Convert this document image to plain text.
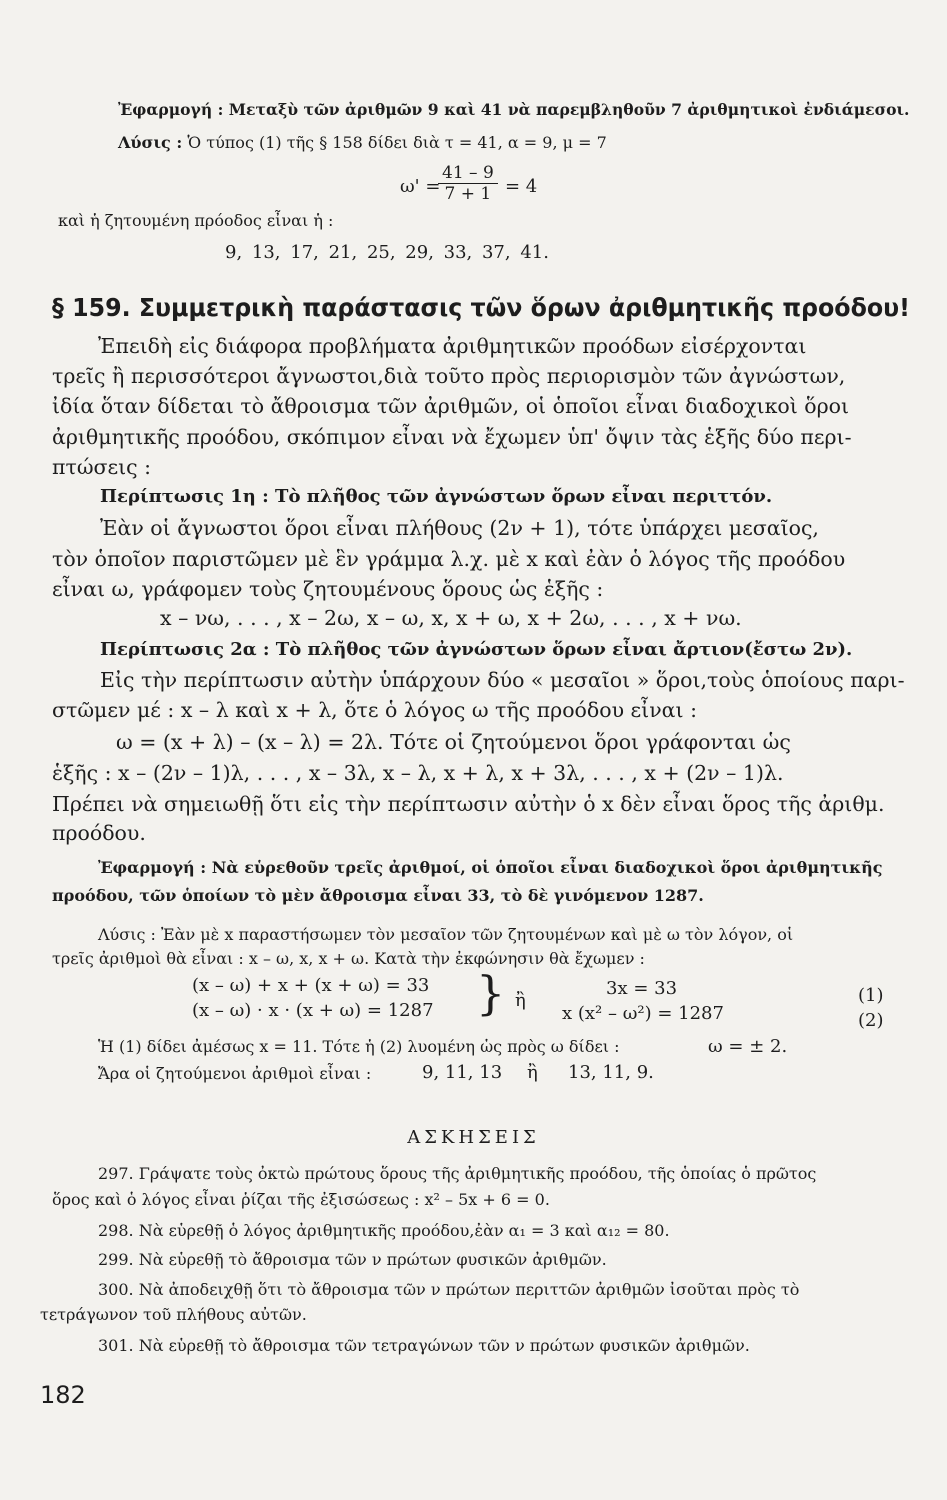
Ἐφαρμογή : Μεταξὺ τῶν ἀριθμῶν 9 καὶ 41 νὰ παρεμβληθοῦν 7 ἀριθμητικοὶ ἐνδιάμεσοι.
Λύσις : Ὁ τύπος (1) τῆς § 158 δίδει διὰ τ = 41, α = 9, μ = 7
ω' =
$\frac{41 - 9}{7 + 1} = 4$
καὶ ἡ ζητουμένη πρόοδος εἶναι ἡ :
9, 13, 17, 21, 25, 29, 33, 37, 41.
§ 159. Συμμετρικὴ παράστασις τῶν ὅρων ἀριθμητικῆς προόδου!
Ἐπειδὴ εἰς διάφορα προβλήματα ἀριθμητικῶν προόδων εἰσέρχονται
τρεῖς ἢ περισσότεροι ἄγνωστοι,διὰ τοῦτο πρὸς περιορισμὸν τῶν ἀγνώστων,
ἰδία ὅταν δίδεται τὸ ἄθροισμα τῶν ἀριθμῶν, οἱ ὁποῖοι εἶναι διαδοχικοὶ ὅροι
ἀριθμητικῆς προόδου, σκόπιμον εἶναι νὰ ἔχωμεν ὑπ' ὄψιν τὰς ἑξῆς δύο περι-
πτώσεις :
Περίπτωσις 1η : Τὸ πλῆθος τῶν ἀγνώστων ὅρων εἶναι περιττόν.
Ἐὰν οἱ ἄγνωστοι ὅροι εἶναι πλήθους (2ν + 1), τότε ὑπάρχει μεσαῖος,
τὸν ὁποῖον παριστῶμεν μὲ ἓν γράμμα λ.χ. μὲ x καὶ ἐὰν ὁ λόγος τῆς προόδου
εἶναι ω, γράφομεν τοὺς ζητουμένους ὅρους ὡς ἑξῆς :
x – νω, . . . , x – 2ω, x – ω, x, x + ω, x + 2ω, . . . , x + νω.
Περίπτωσις 2α : Τὸ πλῆθος τῶν ἀγνώστων ὅρων εἶναι ἄρτιον(ἔστω 2ν).
Εἰς τὴν περίπτωσιν αὐτὴν ὑπάρχουν δύο « μεσαῖοι » ὅροι,τοὺς ὁποίους παρι-
στῶμεν μέ : x – λ καὶ x + λ, ὅτε ὁ λόγος ω τῆς προόδου εἶναι :
ω = (x + λ) – (x – λ) = 2λ. Τότε οἱ ζητούμενοι ὅροι γράφονται ὡς
ἑξῆς : x – (2ν – 1)λ, . . . , x – 3λ, x – λ, x + λ, x + 3λ, . . . , x + (2ν – 1)λ.
Πρέπει νὰ σημειωθῇ ὅτι εἰς τὴν περίπτωσιν αὐτὴν ὁ x δὲν εἶναι ὅρος τῆς ἀριθμ.
προόδου.
Ἐφαρμογή : Νὰ εὑρεθοῦν τρεῖς ἀριθμοί, οἱ ὁποῖοι εἶναι διαδοχικοὶ ὅροι ἀριθμητικῆς
προόδου, τῶν ὁποίων τὸ μὲν ἄθροισμα εἶναι 33, τὸ δὲ γινόμενον 1287.
Λύσις : Ἐὰν μὲ x παραστήσωμεν τὸν μεσαῖον τῶν ζητουμένων καὶ μὲ ω τὸν λόγον, οἱ
τρεῖς ἀριθμοὶ θὰ εἶναι : x – ω, x, x + ω. Κατὰ τὴν ἐκφώνησιν θὰ ἔχωμεν :
(x – ω) + x + (x + ω) = 33
(x – ω) · x · (x + ω) = 1287 } ἢ
3x = 33
x (x² – ω²) = 1287
(1)
(2)
Ἡ (1) δίδει ἀμέσως x = 11. Τότε ἡ (2) λυομένη ὡς πρὸς ω δίδει :	ω = ± 2.
Ἄρα οἱ ζητούμενοι ἀριθμοὶ εἶναι :	9, 11, 13 ἢ 13, 11, 9.
ΑΣΚΗΣΕΙΣ
297. Γράψατε τοὺς ὀκτὼ πρώτους ὅρους τῆς ἀριθμητικῆς προόδου, τῆς ὁποίας ὁ πρῶτος
ὅρος καὶ ὁ λόγος εἶναι ῥίζαι τῆς ἐξισώσεως : x² – 5x + 6 = 0.
298. Νὰ εὑρεθῇ ὁ λόγος ἀριθμητικῆς προόδου,ἐὰν α₁ = 3 καὶ α₁₂ = 80.
299. Νὰ εὑρεθῇ τὸ ἄθροισμα τῶν ν πρώτων φυσικῶν ἀριθμῶν.
300. Νὰ ἀποδειχθῇ ὅτι τὸ ἄθροισμα τῶν ν πρώτων περιττῶν ἀριθμῶν ἰσοῦται πρὸς τὸ
τετράγωνον τοῦ πλήθους αὐτῶν.
301. Νὰ εὑρεθῇ τὸ ἄθροισμα τῶν τετραγώνων τῶν ν πρώτων φυσικῶν ἀριθμῶν.
182
